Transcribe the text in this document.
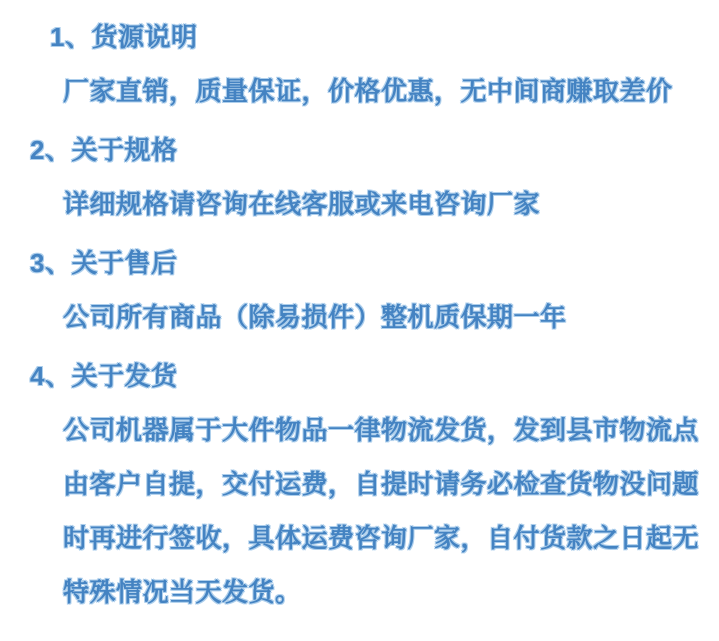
1、货源说明

厂家直销，质量保证，价格优惠，无中间商赚取差价

2、关于规格

详细规格请咨询在线客服或来电咨询厂家

3、关于售后

公司所有商品（除易损件）整机质保期一年

4、关于发货

公司机器属于大件物品一律物流发货，发到县市物流点

由客户自提，交付运费，自提时请务必检查货物没问题

时再进行签收，具体运费咨询厂家，自付货款之日起无

特殊情况当天发货。
